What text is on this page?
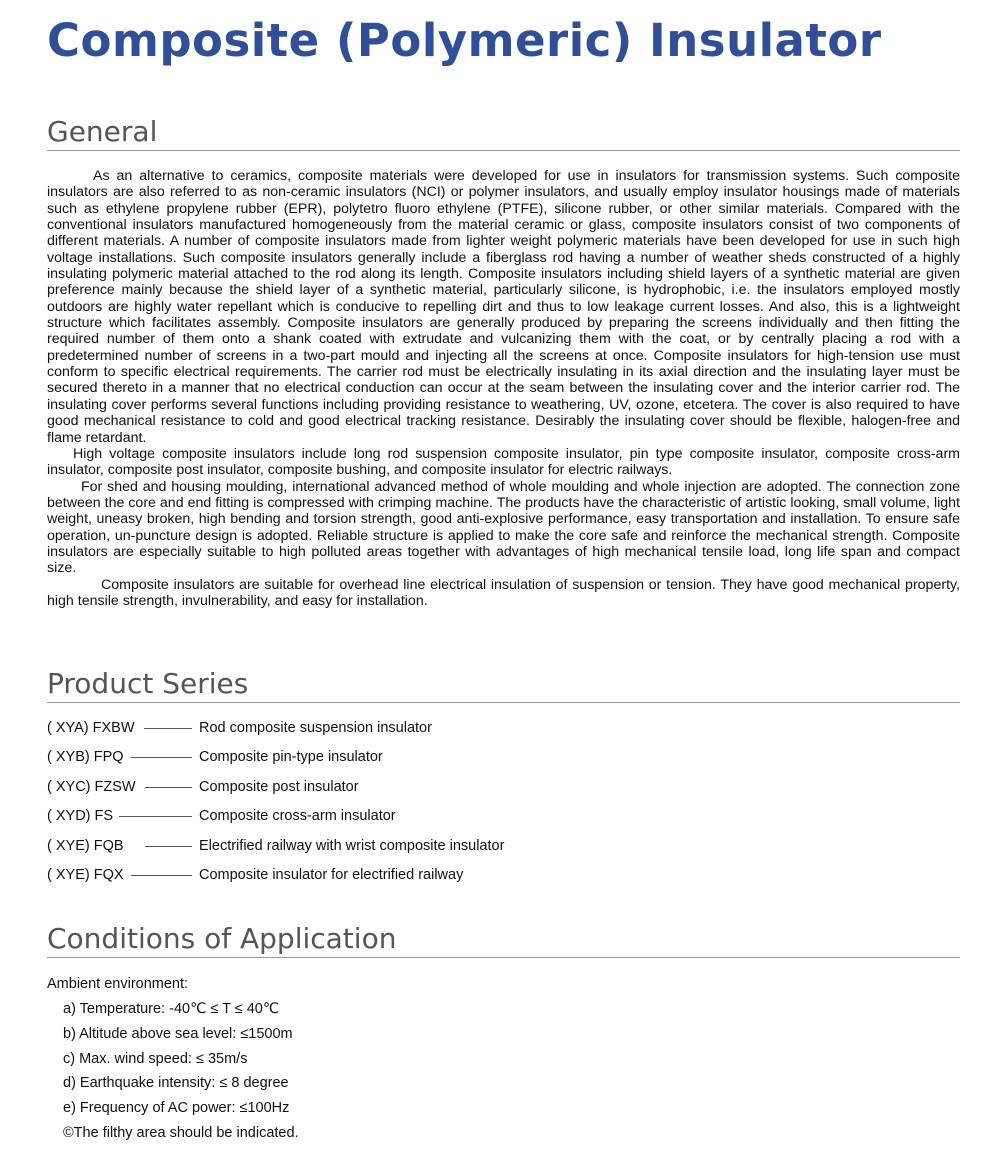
Composite (Polymeric) Insulator
General

As an alternative to ceramics, composite materials were developed for use in insulators for transmission systems. Such composite insulators are also referred to as non-ceramic insulators (NCI) or polymer insulators, and usually employ insulator housings made of materials such as ethylene propylene rubber (EPR), polytetro fluoro ethylene (PTFE), silicone rubber, or other similar materials. Compared with the conventional insulators manufactured homogeneously from the material ceramic or glass, composite insulators consist of two components of different materials. A number of composite insulators made from lighter weight polymeric materials have been developed for use in such high voltage installations. Such composite insulators generally include a fiberglass rod having a number of weather sheds constructed of a highly insulating polymeric material attached to the rod along its length. Composite insulators including shield layers of a synthetic material are given preference mainly because the shield layer of a synthetic material, particularly silicone, is hydrophobic, i.e. the insulators employed mostly outdoors are highly water repellant which is conducive to repelling dirt and thus to low leakage current losses. And also, this is a lightweight structure which facilitates assembly. Composite insulators are generally produced by preparing the screens individually and then fitting the required number of them onto a shank coated with extrudate and vulcanizing them with the coat, or by centrally placing a rod with a predetermined number of screens in a two-part mould and injecting all the screens at once. Composite insulators for high-tension use must conform to specific electrical requirements. The carrier rod must be electrically insulating in its axial direction and the insulating layer must be secured thereto in a manner that no electrical conduction can occur at the seam between the insulating cover and the interior carrier rod. The insulating cover performs several functions including providing resistance to weathering, UV, ozone, etcetera. The cover is also required to have good mechanical resistance to cold and good electrical tracking resistance. Desirably the insulating cover should be flexible, halogen-free and flame retardant.

High voltage composite insulators include long rod suspension composite insulator, pin type composite insulator, composite cross-arm insulator, composite post insulator, composite bushing, and composite insulator for electric railways.

For shed and housing moulding, international advanced method of whole moulding and whole injection are adopted. The connection zone between the core and end fitting is compressed with crimping machine. The products have the characteristic of artistic looking, small volume, light weight, uneasy broken, high bending and torsion strength, good anti-explosive performance, easy transportation and installation. To ensure safe operation, un-puncture design is adopted. Reliable structure is applied to make the core safe and reinforce the mechanical strength. Composite insulators are especially suitable to high polluted areas together with advantages of high mechanical tensile load, long life span and compact size.

Composite insulators are suitable for overhead line electrical insulation of suspension or tension. They have good mechanical property, high tensile strength, invulnerability, and easy for installation.

Product Series
( XYA) FXBW	Rod composite suspension insulator
( XYB) FPQ	Composite pin-type insulator
( XYC) FZSW	Composite post insulator
( XYD) FS	Composite cross-arm insulator
( XYE) FQB	Electrified railway with wrist composite insulator
( XYE) FQX	Composite insulator for electrified railway
Conditions of Application
Ambient environment:
a) Temperature: -40℃ ≤ T ≤ 40℃
b) Altitude above sea level: ≤1500m
c) Max. wind speed: ≤ 35m/s
d) Earthquake intensity: ≤ 8 degree
e) Frequency of AC power: ≤100Hz
©The filthy area should be indicated.
